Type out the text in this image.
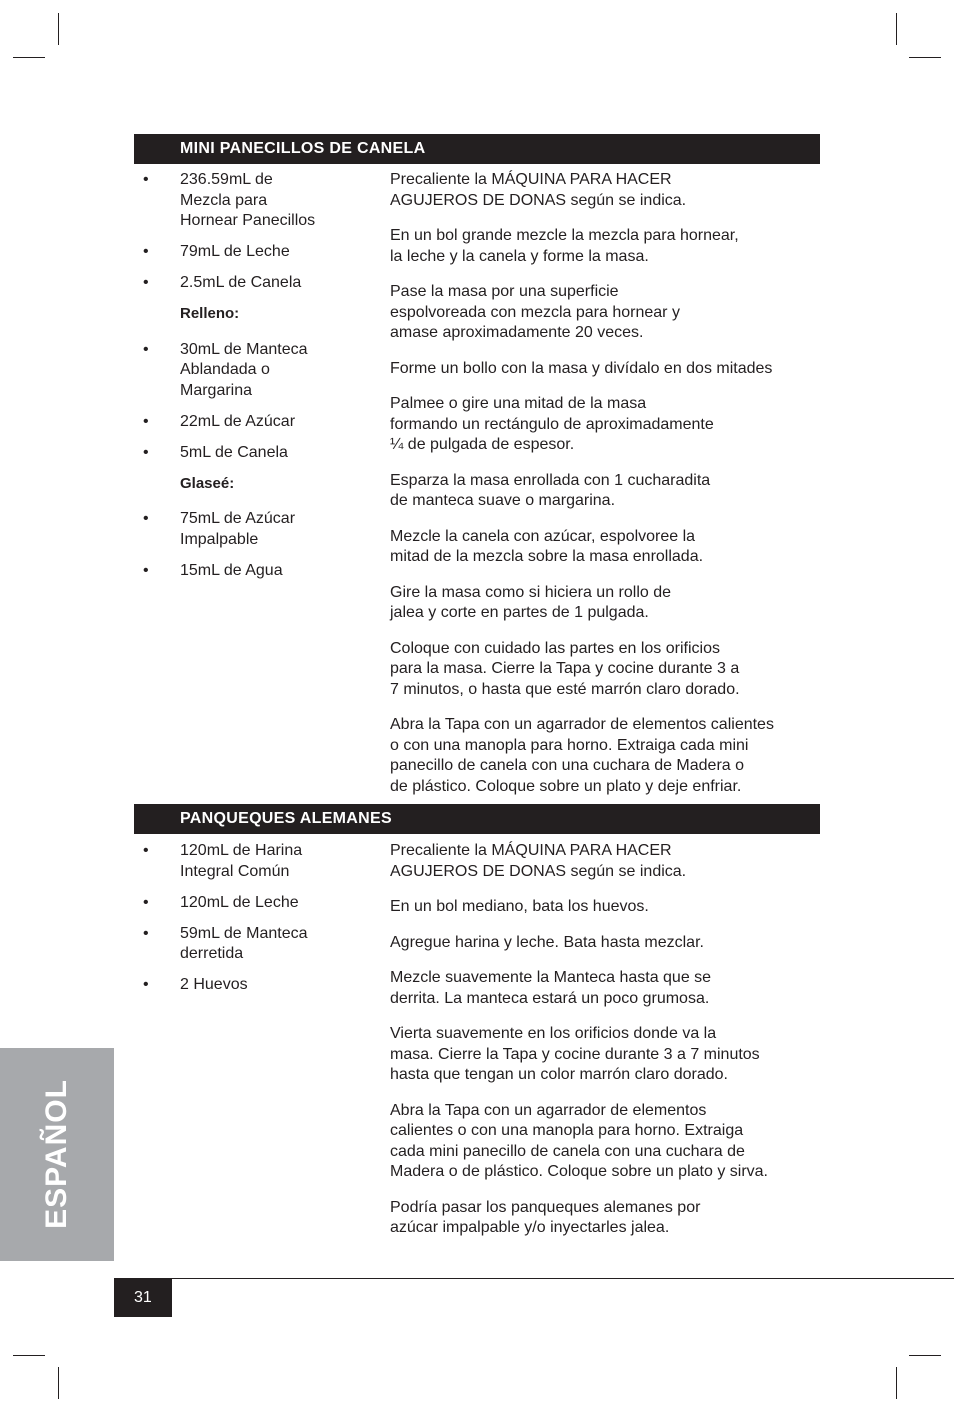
MINI PANECILLOS DE CANELA
• 236.59mL de
Mezcla para
Hornear Panecillos
• 79mL de Leche
• 2.5mL de Canela
Relleno:
• 30mL de Manteca
Ablandada o
Margarina
• 22mL de Azúcar
• 5mL de Canela
Glaseé:
• 75mL de Azúcar
Impalpable
• 15mL de Agua

Precaliente la MÁQUINA PARA HACER
AGUJEROS DE DONAS según se indica.

En un bol grande mezcle la mezcla para hornear,
la leche y la canela y forme la masa.

Pase la masa por una superficie
espolvoreada con mezcla para hornear y
amase aproximadamente 20 veces.

Forme un bollo con la masa y divídalo en dos mitades

Palmee o gire una mitad de la masa
formando un rectángulo de aproximadamente
¼ de pulgada de espesor.

Esparza la masa enrollada con 1 cucharadita
de manteca suave o margarina.

Mezcle la canela con azúcar, espolvoree la
mitad de la mezcla sobre la masa enrollada.

Gire la masa como si hiciera un rollo de
jalea y corte en partes de 1 pulgada.

Coloque con cuidado las partes en los orificios
para la masa. Cierre la Tapa y cocine durante 3 a
7 minutos, o hasta que esté marrón claro dorado.

Abra la Tapa con un agarrador de elementos calientes
o con una manopla para horno. Extraiga cada mini
panecillo de canela con una cuchara de Madera o
de plástico. Coloque sobre un plato y deje enfriar.

PANQUEQUES ALEMANES
• 120mL de Harina
Integral Común
• 120mL de Leche
• 59mL de Manteca
derretida
• 2 Huevos

Precaliente la MÁQUINA PARA HACER
AGUJEROS DE DONAS según se indica.

En un bol mediano, bata los huevos.

Agregue harina y leche. Bata hasta mezclar.

Mezcle suavemente la Manteca hasta que se
derrita. La manteca estará un poco grumosa.

Vierta suavemente en los orificios donde va la
masa. Cierre la Tapa y cocine durante 3 a 7 minutos
hasta que tengan un color marrón claro dorado.

Abra la Tapa con un agarrador de elementos
calientes o con una manopla para horno. Extraiga
cada mini panecillo de canela con una cuchara de
Madera o de plástico. Coloque sobre un plato y sirva.

Podría pasar los panqueques alemanes por
azúcar impalpable y/o inyectarles jalea.

ESPAÑOL
31
